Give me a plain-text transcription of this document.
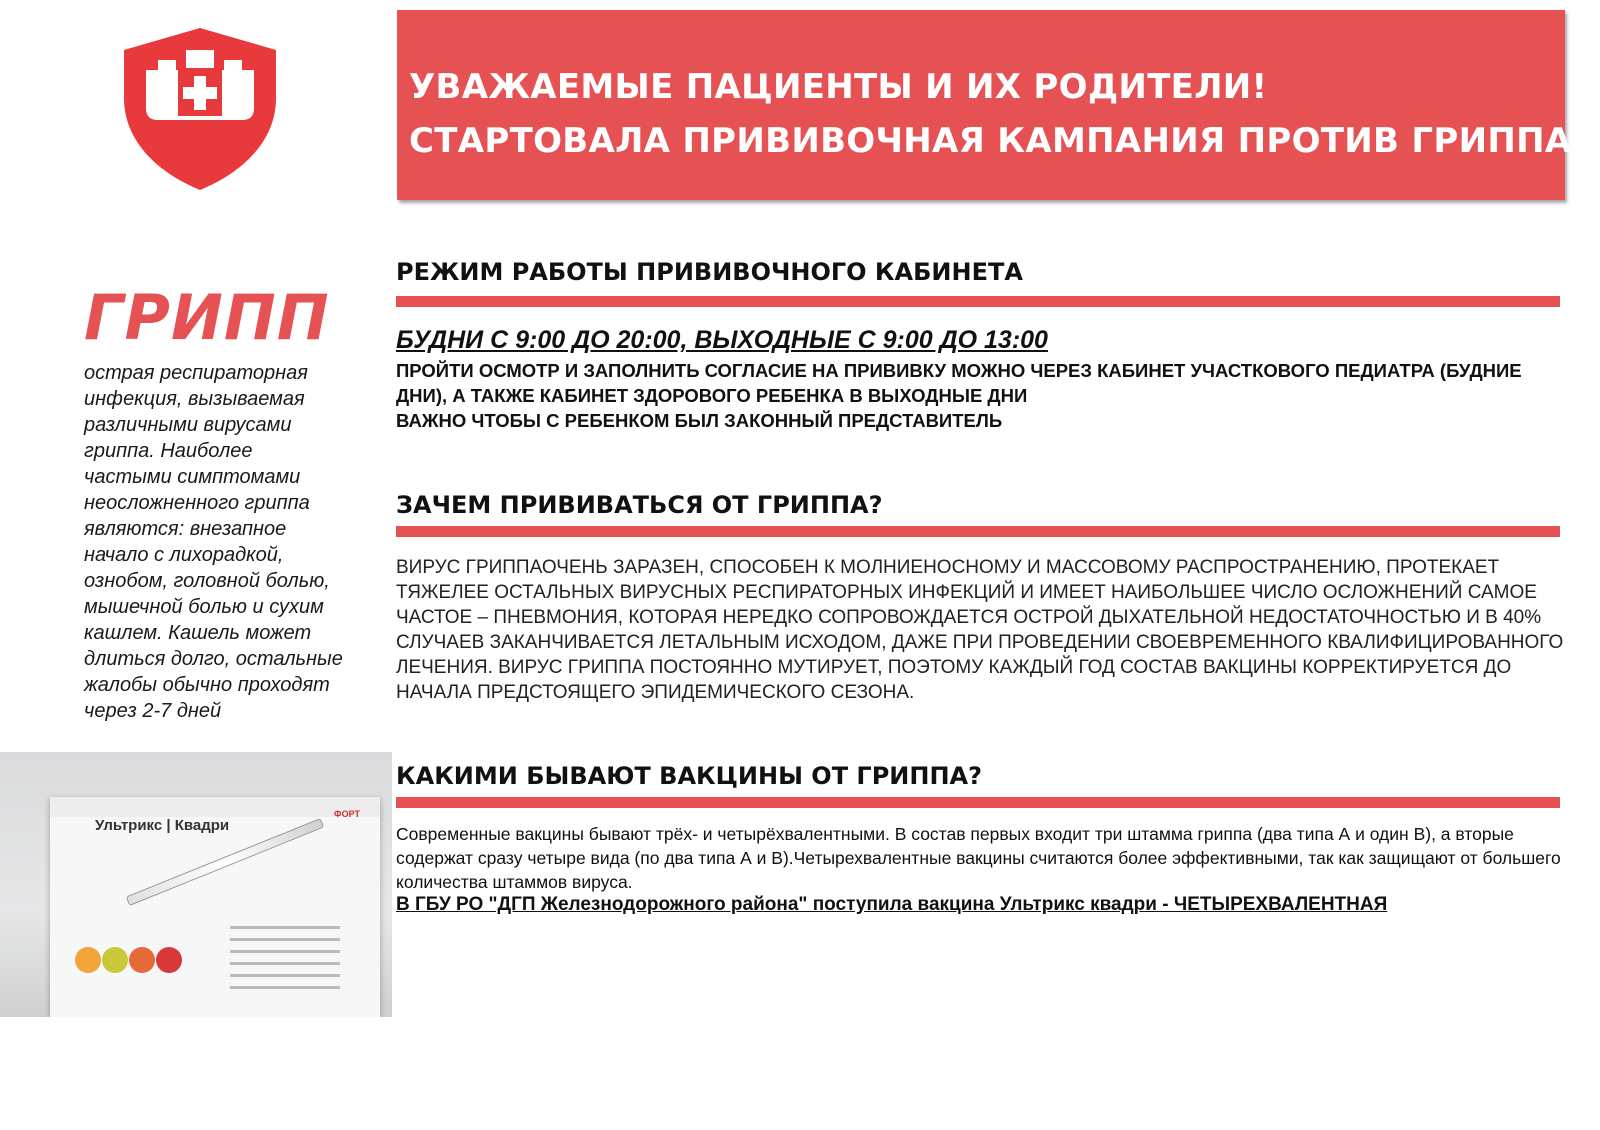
УВАЖАЕМЫЕ ПАЦИЕНТЫ И ИХ РОДИТЕЛИ!
СТАРТОВАЛА ПРИВИВОЧНАЯ КАМПАНИЯ ПРОТИВ ГРИППА
ГРИПП
острая респираторная инфекция, вызываемая различными вирусами гриппа. Наиболее частыми симптомами неосложненного гриппа являются: внезапное начало с лихорадкой, ознобом, головной болью, мышечной болью и сухим кашлем. Кашель может длиться долго, остальные жалобы обычно проходят через 2-7 дней
Ультрикс | Квадри
ФОРТ
РЕЖИМ РАБОТЫ ПРИВИВОЧНОГО КАБИНЕТА
БУДНИ С 9:00 ДО 20:00, ВЫХОДНЫЕ С 9:00 ДО 13:00
ПРОЙТИ ОСМОТР И ЗАПОЛНИТЬ СОГЛАСИЕ НА ПРИВИВКУ МОЖНО ЧЕРЕЗ КАБИНЕТ УЧАСТКОВОГО ПЕДИАТРА (БУДНИЕ ДНИ), А ТАКЖЕ КАБИНЕТ ЗДОРОВОГО РЕБЕНКА В ВЫХОДНЫЕ ДНИ
ВАЖНО ЧТОБЫ С РЕБЕНКОМ БЫЛ ЗАКОННЫЙ ПРЕДСТАВИТЕЛЬ
ЗАЧЕМ ПРИВИВАТЬСЯ ОТ ГРИППА?
ВИРУС ГРИППАОЧЕНЬ ЗАРАЗЕН, СПОСОБЕН К МОЛНИЕНОСНОМУ И МАССОВОМУ РАСПРОСТРАНЕНИЮ, ПРОТЕКАЕТ ТЯЖЕЛЕЕ ОСТАЛЬНЫХ ВИРУСНЫХ РЕСПИРАТОРНЫХ ИНФЕКЦИЙ И ИМЕЕТ НАИБОЛЬШЕЕ ЧИСЛО ОСЛОЖНЕНИЙ САМОЕ ЧАСТОЕ – ПНЕВМОНИЯ, КОТОРАЯ НЕРЕДКО СОПРОВОЖДАЕТСЯ ОСТРОЙ ДЫХАТЕЛЬНОЙ НЕДОСТАТОЧНОСТЬЮ И В 40% СЛУЧАЕВ ЗАКАНЧИВАЕТСЯ ЛЕТАЛЬНЫМ ИСХОДОМ, ДАЖЕ ПРИ ПРОВЕДЕНИИ СВОЕВРЕМЕННОГО КВАЛИФИЦИРОВАННОГО ЛЕЧЕНИЯ. ВИРУС ГРИППА ПОСТОЯННО МУТИРУЕТ, ПОЭТОМУ КАЖДЫЙ ГОД СОСТАВ ВАКЦИНЫ КОРРЕКТИРУЕТСЯ ДО НАЧАЛА ПРЕДСТОЯЩЕГО ЭПИДЕМИЧЕСКОГО СЕЗОНА.
КАКИМИ БЫВАЮТ ВАКЦИНЫ ОТ ГРИППА?
Современные вакцины бывают трёх- и четырёхвалентными. В состав первых входит три штамма гриппа (два типа А и один В), а вторые содержат сразу четыре вида (по два типа А и В).Четырехвалентные вакцины считаются более эффективными, так как защищают от большего количества штаммов вируса.
В ГБУ РО "ДГП Железнодорожного района" поступила вакцина Ультрикс квадри - ЧЕТЫРЕХВАЛЕНТНАЯ
